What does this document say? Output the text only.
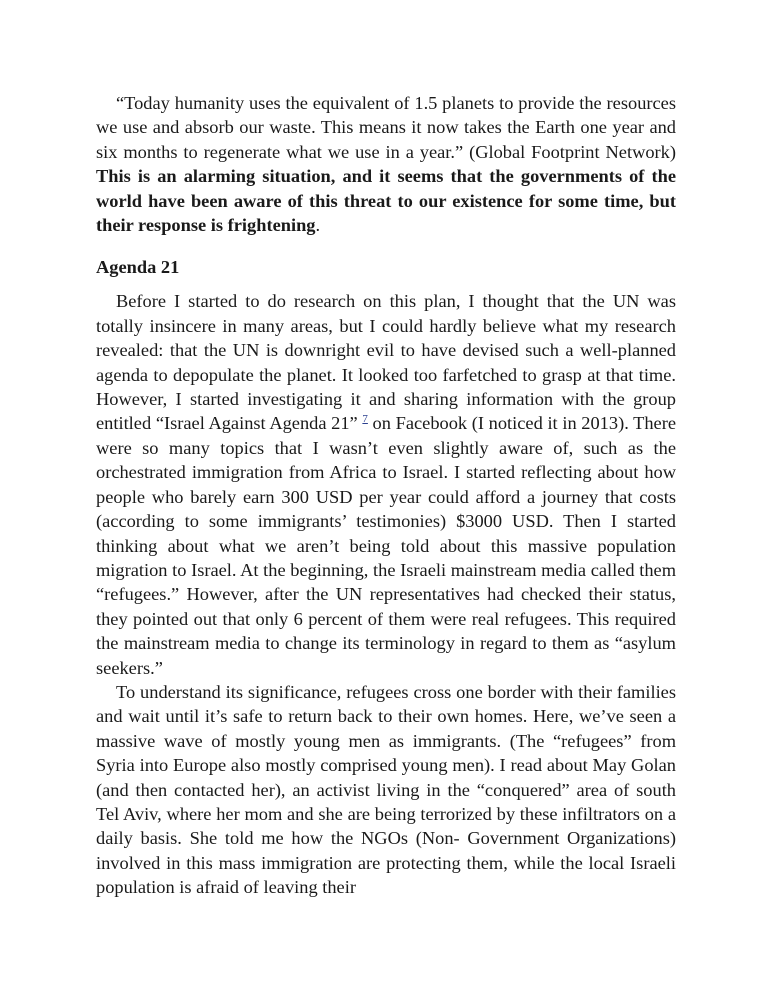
“Today humanity uses the equivalent of 1.5 planets to provide the resources we use and absorb our waste. This means it now takes the Earth one year and six months to regenerate what we use in a year.” (Global Footprint Network) This is an alarming situation, and it seems that the governments of the world have been aware of this threat to our existence for some time, but their response is frightening.

Agenda 21

Before I started to do research on this plan, I thought that the UN was totally insincere in many areas, but I could hardly believe what my research revealed: that the UN is downright evil to have devised such a well-planned agenda to depopulate the planet. It looked too farfetched to grasp at that time. However, I started investigating it and sharing information with the group entitled “Israel Against Agenda 21” $^7$ on Facebook (I noticed it in 2013). There were so many topics that I wasn’t even slightly aware of, such as the orchestrated immigration from Africa to Israel. I started reflecting about how people who barely earn 300 USD per year could afford a journey that costs (according to some immigrants’ testimonies) $3000 USD. Then I started thinking about what we aren’t being told about this massive population migration to Israel. At the beginning, the Israeli mainstream media called them “refugees.” However, after the UN representatives had checked their status, they pointed out that only 6 percent of them were real refugees. This required the mainstream media to change its terminology in regard to them as “asylum seekers.”

To understand its significance, refugees cross one border with their families and wait until it’s safe to return back to their own homes. Here, we’ve seen a massive wave of mostly young men as immigrants. (The “refugees” from Syria into Europe also mostly comprised young men). I read about May Golan (and then contacted her), an activist living in the “conquered” area of south Tel Aviv, where her mom and she are being terrorized by these infiltrators on a daily basis. She told me how the NGOs (Non- Government Organizations) involved in this mass immigration are protecting them, while the local Israeli population is afraid of leaving their
